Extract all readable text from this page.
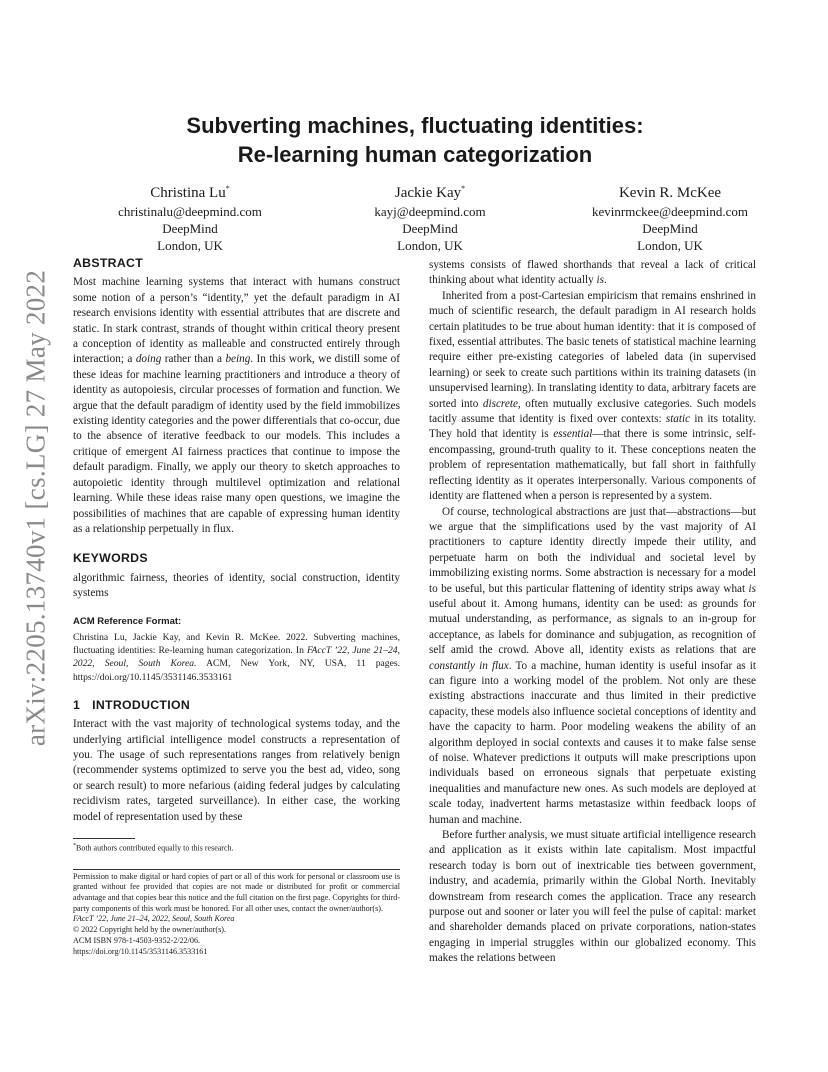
arXiv:2205.13740v1 [cs.LG] 27 May 2022
Subverting machines, fluctuating identities:
Re-learning human categorization
Christina Lu*
christinalu@deepmind.com
DeepMind
London, UK
Jackie Kay*
kayj@deepmind.com
DeepMind
London, UK
Kevin R. McKee
kevinrmckee@deepmind.com
DeepMind
London, UK
ABSTRACT

Most machine learning systems that interact with humans construct some notion of a person’s “identity,” yet the default paradigm in AI research envisions identity with essential attributes that are discrete and static. In stark contrast, strands of thought within critical theory present a conception of identity as malleable and constructed entirely through interaction; a doing rather than a being. In this work, we distill some of these ideas for machine learning practitioners and introduce a theory of identity as autopoiesis, circular processes of formation and function. We argue that the default paradigm of identity used by the field immobilizes existing identity categories and the power differentials that co-occur, due to the absence of iterative feedback to our models. This includes a critique of emergent AI fairness practices that continue to impose the default paradigm. Finally, we apply our theory to sketch approaches to autopoietic identity through multilevel optimization and relational learning. While these ideas raise many open questions, we imagine the possibilities of machines that are capable of expressing human identity as a relationship perpetually in flux.

KEYWORDS

algorithmic fairness, theories of identity, social construction, identity systems

ACM Reference Format:

Christina Lu, Jackie Kay, and Kevin R. McKee. 2022. Subverting machines, fluctuating identities: Re-learning human categorization. In FAccT ’22, June 21–24, 2022, Seoul, South Korea. ACM, New York, NY, USA, 11 pages. https://doi.org/10.1145/3531146.3533161

1 INTRODUCTION

Interact with the vast majority of technological systems today, and the underlying artificial intelligence model constructs a representation of you. The usage of such representations ranges from relatively benign (recommender systems optimized to serve you the best ad, video, song or search result) to more nefarious (aiding federal judges by calculating recidivism rates, targeted surveillance). In either case, the working model of representation used by these

*Both authors contributed equally to this research.
Permission to make digital or hard copies of part or all of this work for personal or classroom use is granted without fee provided that copies are not made or distributed for profit or commercial advantage and that copies bear this notice and the full citation on the first page. Copyrights for third-party components of this work must be honored. For all other uses, contact the owner/author(s).
FAccT ’22, June 21–24, 2022, Seoul, South Korea
© 2022 Copyright held by the owner/author(s).
ACM ISBN 978-1-4503-9352-2/22/06.
https://doi.org/10.1145/3531146.3533161

systems consists of flawed shorthands that reveal a lack of critical thinking about what identity actually is.

Inherited from a post-Cartesian empiricism that remains enshrined in much of scientific research, the default paradigm in AI research holds certain platitudes to be true about human identity: that it is composed of fixed, essential attributes. The basic tenets of statistical machine learning require either pre-existing categories of labeled data (in supervised learning) or seek to create such partitions within its training datasets (in unsupervised learning). In translating identity to data, arbitrary facets are sorted into discrete, often mutually exclusive categories. Such models tacitly assume that identity is fixed over contexts: static in its totality. They hold that identity is essential—that there is some intrinsic, self-encompassing, ground-truth quality to it. These conceptions neaten the problem of representation mathematically, but fall short in faithfully reflecting identity as it operates interpersonally. Various components of identity are flattened when a person is represented by a system.

Of course, technological abstractions are just that—abstractions—but we argue that the simplifications used by the vast majority of AI practitioners to capture identity directly impede their utility, and perpetuate harm on both the individual and societal level by immobilizing existing norms. Some abstraction is necessary for a model to be useful, but this particular flattening of identity strips away what is useful about it. Among humans, identity can be used: as grounds for mutual understanding, as performance, as signals to an in-group for acceptance, as labels for dominance and subjugation, as recognition of self amid the crowd. Above all, identity exists as relations that are constantly in flux. To a machine, human identity is useful insofar as it can figure into a working model of the problem. Not only are these existing abstractions inaccurate and thus limited in their predictive capacity, these models also influence societal conceptions of identity and have the capacity to harm. Poor modeling weakens the ability of an algorithm deployed in social contexts and causes it to make false sense of noise. Whatever predictions it outputs will make prescriptions upon individuals based on erroneous signals that perpetuate existing inequalities and manufacture new ones. As such models are deployed at scale today, inadvertent harms metastasize within feedback loops of human and machine.

Before further analysis, we must situate artificial intelligence research and application as it exists within late capitalism. Most impactful research today is born out of inextricable ties between government, industry, and academia, primarily within the Global North. Inevitably downstream from research comes the application. Trace any research purpose out and sooner or later you will feel the pulse of capital: market and shareholder demands placed on private corporations, nation-states engaging in imperial struggles within our globalized economy. This makes the relations between
